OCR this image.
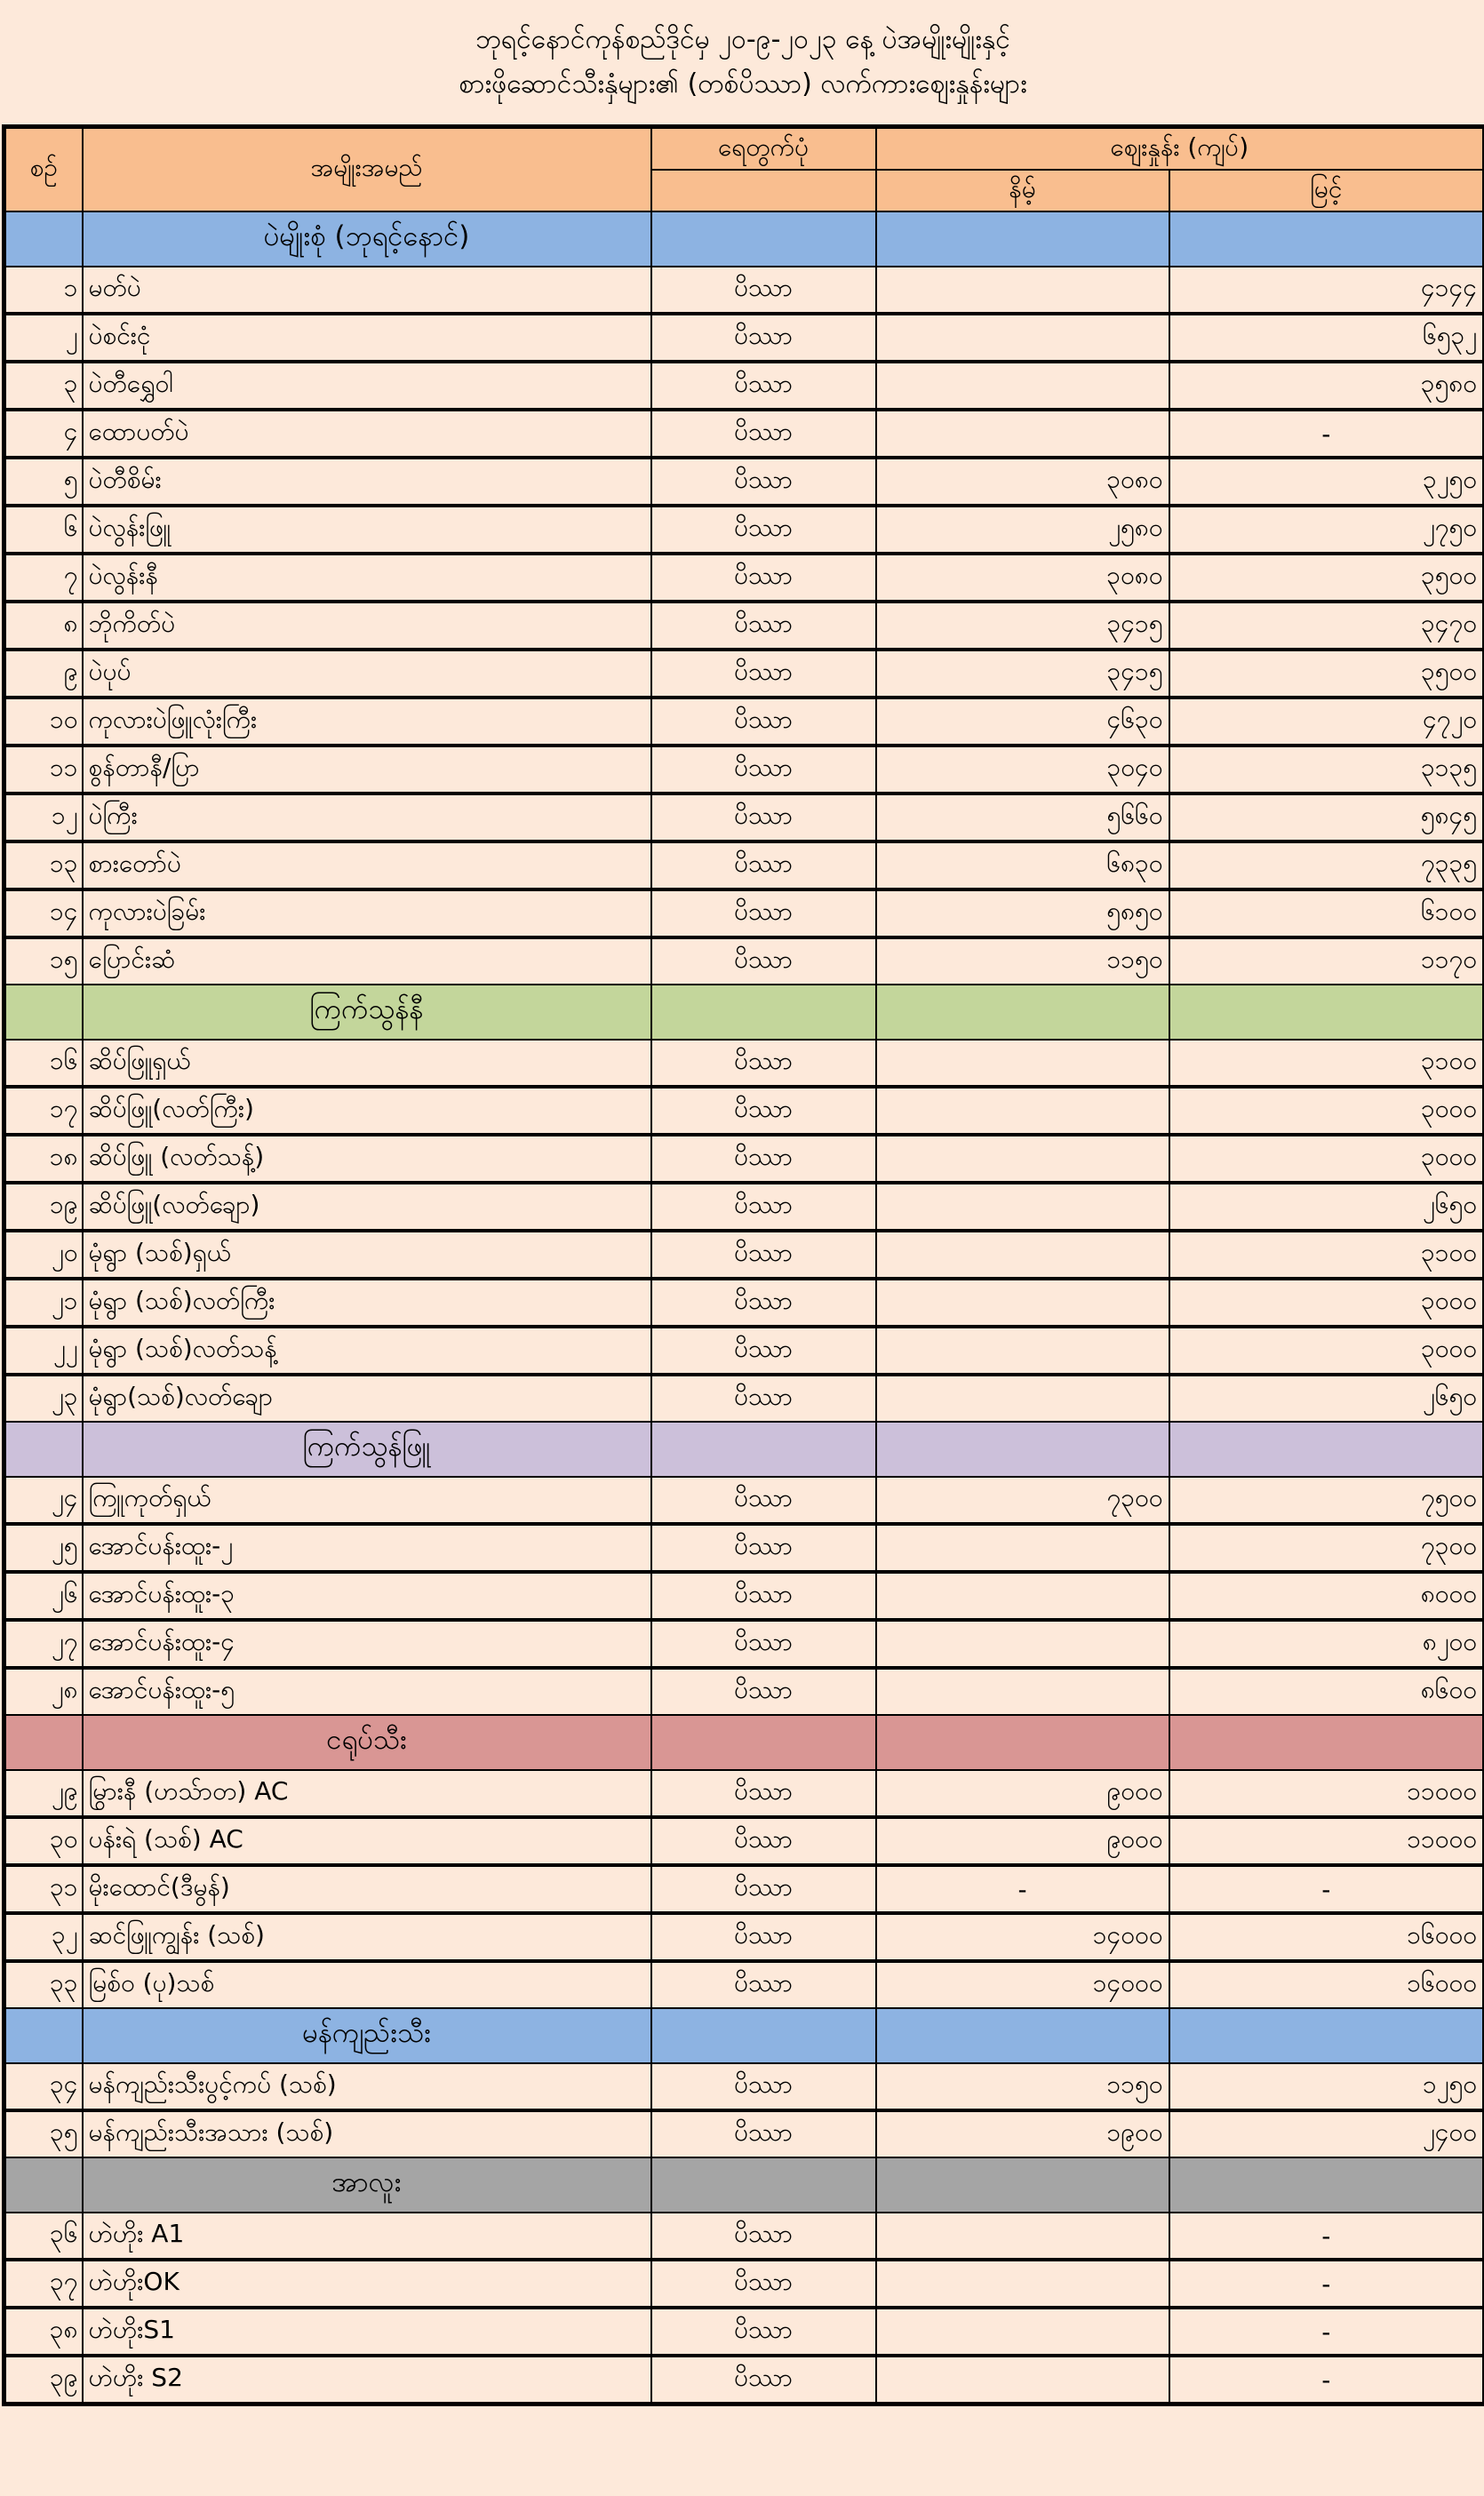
ဘုရင့်နောင်ကုန်စည်ဒိုင်မှ ၂၀-၉-၂၀၂၃ နေ့ ပဲအမျိုးမျိုးနှင့်
စားဖိုဆောင်သီးနှံများ၏ (တစ်ပိဿာ) လက်ကားဈေးနှုန်းများ
စဉ်	အမျိုးအမည်	ရေတွက်ပုံ	ဈေးနှုန်း (ကျပ်)	
			နိမ့်	မြင့်
	ပဲမျိုးစုံ (ဘုရင့်နောင်)			
၁	မတ်ပဲ	ပိဿာ		၄၁၄၄
၂	ပဲစင်းငုံ	ပိဿာ		၆၅၃၂
၃	ပဲတီရွှေဝါ	ပိဿာ		၃၅၈၀
၄	ထောပတ်ပဲ	ပိဿာ		-
၅	ပဲတီစိမ်း	ပိဿာ	၃၀၈၀	၃၂၅၀
၆	ပဲလွန်းဖြူ	ပိဿာ	၂၅၈၀	၂၇၅၀
၇	ပဲလွန်းနီ	ပိဿာ	၃၀၈၀	၃၅၀၀
၈	ဘိုကိတ်ပဲ	ပိဿာ	၃၄၁၅	၃၄၇၀
၉	ပဲပုပ်	ပိဿာ	၃၄၁၅	၃၅၀၀
၁၀	ကုလားပဲဖြူလုံးကြီး	ပိဿာ	၄၆၃၀	၄၇၂၀
၁၁	စွန်တာနီ/ပြာ	ပိဿာ	၃၀၄၀	၃၁၃၅
၁၂	ပဲကြီး	ပိဿာ	၅၆၆၀	၅၈၄၅
၁၃	စားတော်ပဲ	ပိဿာ	၆၈၃၀	၇၃၃၅
၁၄	ကုလားပဲခြမ်း	ပိဿာ	၅၈၅၀	၆၁၀၀
၁၅	ပြောင်းဆံ	ပိဿာ	၁၁၅၀	၁၁၇၀
	ကြက်သွန်နီ			
၁၆	ဆိပ်ဖြူရှယ်	ပိဿာ		၃၁၀၀
၁၇	ဆိပ်ဖြူ(လတ်ကြီး)	ပိဿာ		၃၀၀၀
၁၈	ဆိပ်ဖြူ (လတ်သန့်)	ပိဿာ		၃၀၀၀
၁၉	ဆိပ်ဖြူ(လတ်ချော)	ပိဿာ		၂၆၅၀
၂၀	မုံရွာ (သစ်)ရှယ်	ပိဿာ		၃၁၀၀
၂၁	မုံရွာ (သစ်)လတ်ကြီး	ပိဿာ		၃၀၀၀
၂၂	မုံရွာ (သစ်)လတ်သန့်	ပိဿာ		၃၀၀၀
၂၃	မုံရွာ(သစ်)လတ်ချော	ပိဿာ		၂၆၅၀
	ကြက်သွန်ဖြူ			
၂၄	ကြူကုတ်ရှယ်	ပိဿာ	၇၃၀၀	၇၅၀၀
၂၅	အောင်ပန်းထူး-၂	ပိဿာ		၇၃၀၀
၂၆	အောင်ပန်းထူး-၃	ပိဿာ		၈၀၀၀
၂၇	အောင်ပန်းထူး-၄	ပိဿာ		၈၂၀၀
၂၈	အောင်ပန်းထူး-၅	ပိဿာ		၈၆၀၀
	ငရုပ်သီး			
၂၉	မြွားနီ (ဟသ်ာတ) AC	ပိဿာ	၉၀၀၀	၁၁၀၀၀
၃၀	ပန်းရဲ (သစ်) AC	ပိဿာ	၉၀၀၀	၁၁၀၀၀
၃၁	မိုးထောင်(ဒီမွန်)	ပိဿာ	-	-
၃၂	ဆင်ဖြူကျွန်း (သစ်)	ပိဿာ	၁၄၀၀၀	၁၆၀၀၀
၃၃	မြစ်ဝ (ပု)သစ်	ပိဿာ	၁၄၀၀၀	၁၆၀၀၀
	မန်ကျည်းသီး			
၃၄	မန်ကျည်းသီးပွင့်ကပ် (သစ်)	ပိဿာ	၁၁၅၀	၁၂၅၀
၃၅	မန်ကျည်းသီးအသား (သစ်)	ပိဿာ	၁၉၀၀	၂၄၀၀
	အာလူး			
၃၆	ဟဲဟိုး A1	ပိဿာ		-
၃၇	ဟဲဟိုးOK	ပိဿာ		-
၃၈	ဟဲဟိုးS1	ပိဿာ		-
၃၉	ဟဲဟိုး S2	ပိဿာ		-
